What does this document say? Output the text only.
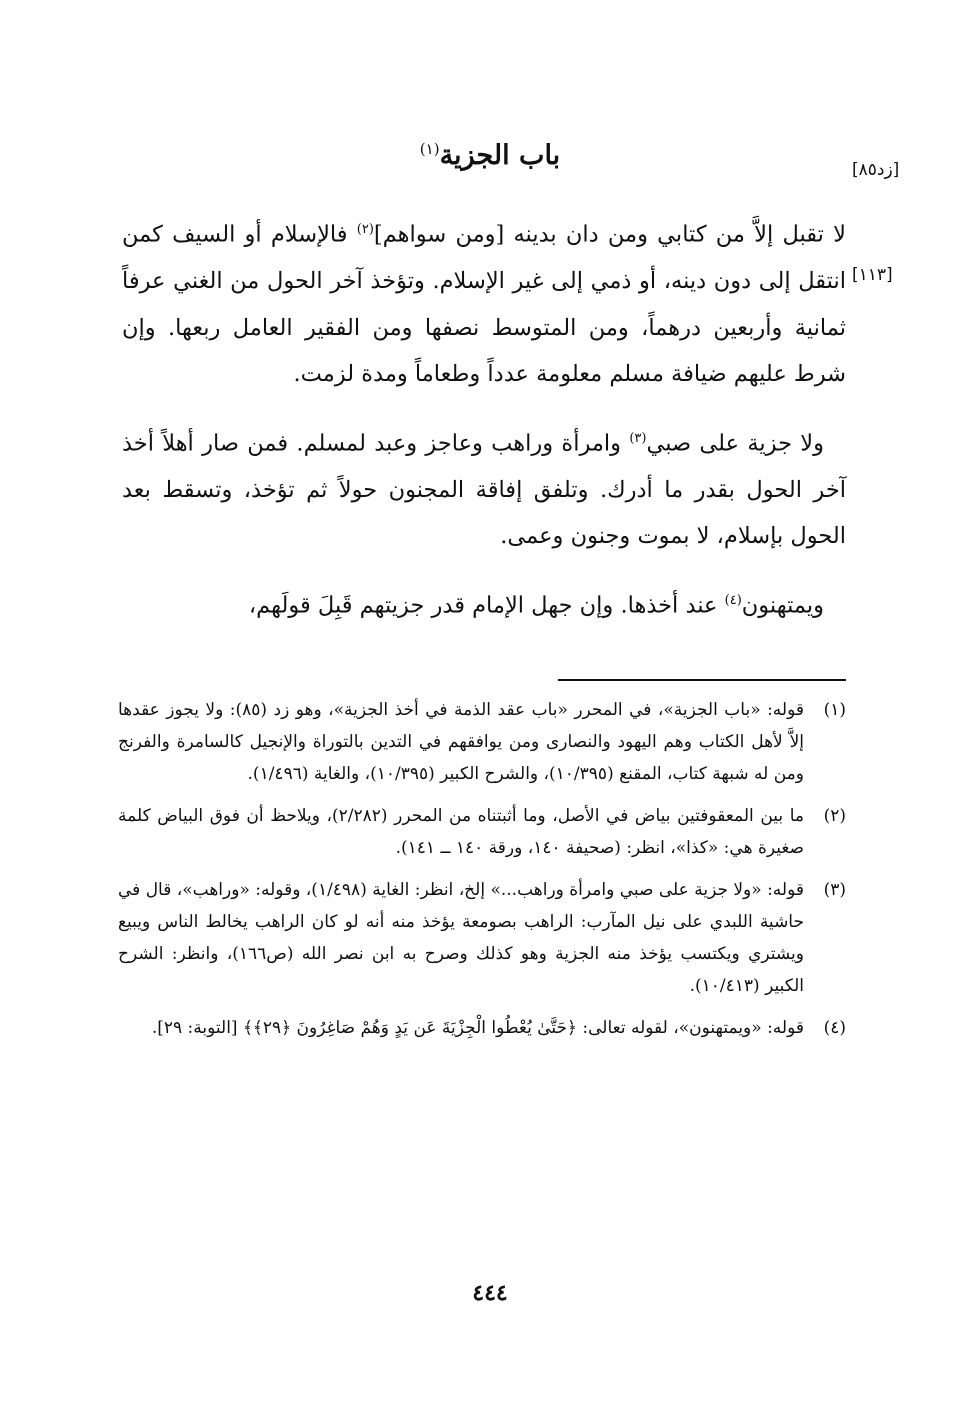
[زد٨٥]
باب الجزية$^{(١)}$
[١١٣]

لا تقبل إلاَّ من كتابي ومن دان بدينه [ومن سواهم]$^{(٢)}$ فالإسلام أو السيف كمن انتقل إلى دون دينه، أو ذمي إلى غير الإسلام. وتؤخذ آخر الحول من الغني عرفاً ثمانية وأربعين درهماً، ومن المتوسط نصفها ومن الفقير العامل ربعها. وإن شرط عليهم ضيافة مسلم معلومة عدداً وطعاماً ومدة لزمت.

ولا جزية على صبي$^{(٣)}$ وامرأة وراهب وعاجز وعبد لمسلم. فمن صار أهلاً أخذ آخر الحول بقدر ما أدرك. وتلفق إفاقة المجنون حولاً ثم تؤخذ، وتسقط بعد الحول بإسلام، لا بموت وجنون وعمى.

ويمتهنون$^{(٤)}$ عند أخذها. وإن جهل الإمام قدر جزيتهم قَبِلَ قولَهم،

(١)
قوله: «باب الجزية»، في المحرر «باب عقد الذمة في أخذ الجزية»، وهو زد (٨٥): ولا يجوز عقدها إلاَّ لأهل الكتاب وهم اليهود والنصارى ومن يوافقهم في التدين بالتوراة والإنجيل كالسامرة والفرنج ومن له شبهة كتاب، المقنع (١٠/٣٩٥)، والشرح الكبير (١٠/٣٩٥)، والغاية (١/٤٩٦).
(٢)
ما بين المعقوفتين بياض في الأصل، وما أثبتناه من المحرر (٢/٢٨٢)، ويلاحظ أن فوق البياض كلمة صغيرة هي: «كذا»، انظر: (صحيفة ١٤٠، ورقة ١٤٠ ــ ١٤١).
(٣)
قوله: «ولا جزية على صبي وامرأة وراهب...» إلخ، انظر: الغاية (١/٤٩٨)، وقوله: «وراهب»، قال في حاشية اللبدي على نيل المآرب: الراهب بصومعة يؤخذ منه أنه لو كان الراهب يخالط الناس ويبيع ويشتري ويكتسب يؤخذ منه الجزية وهو كذلك وصرح به ابن نصر الله (ص١٦٦)، وانظر: الشرح الكبير (١٠/٤١٣).
(٤)
قوله: «ويمتهنون»، لقوله تعالى: ﴿حَتَّىٰ يُعْطُوا الْجِزْيَةَ عَن يَدٍ وَهُمْ صَاغِرُونَ ﴿٢٩﴾﴾ [التوبة: ٢٩].
٤٤٤
